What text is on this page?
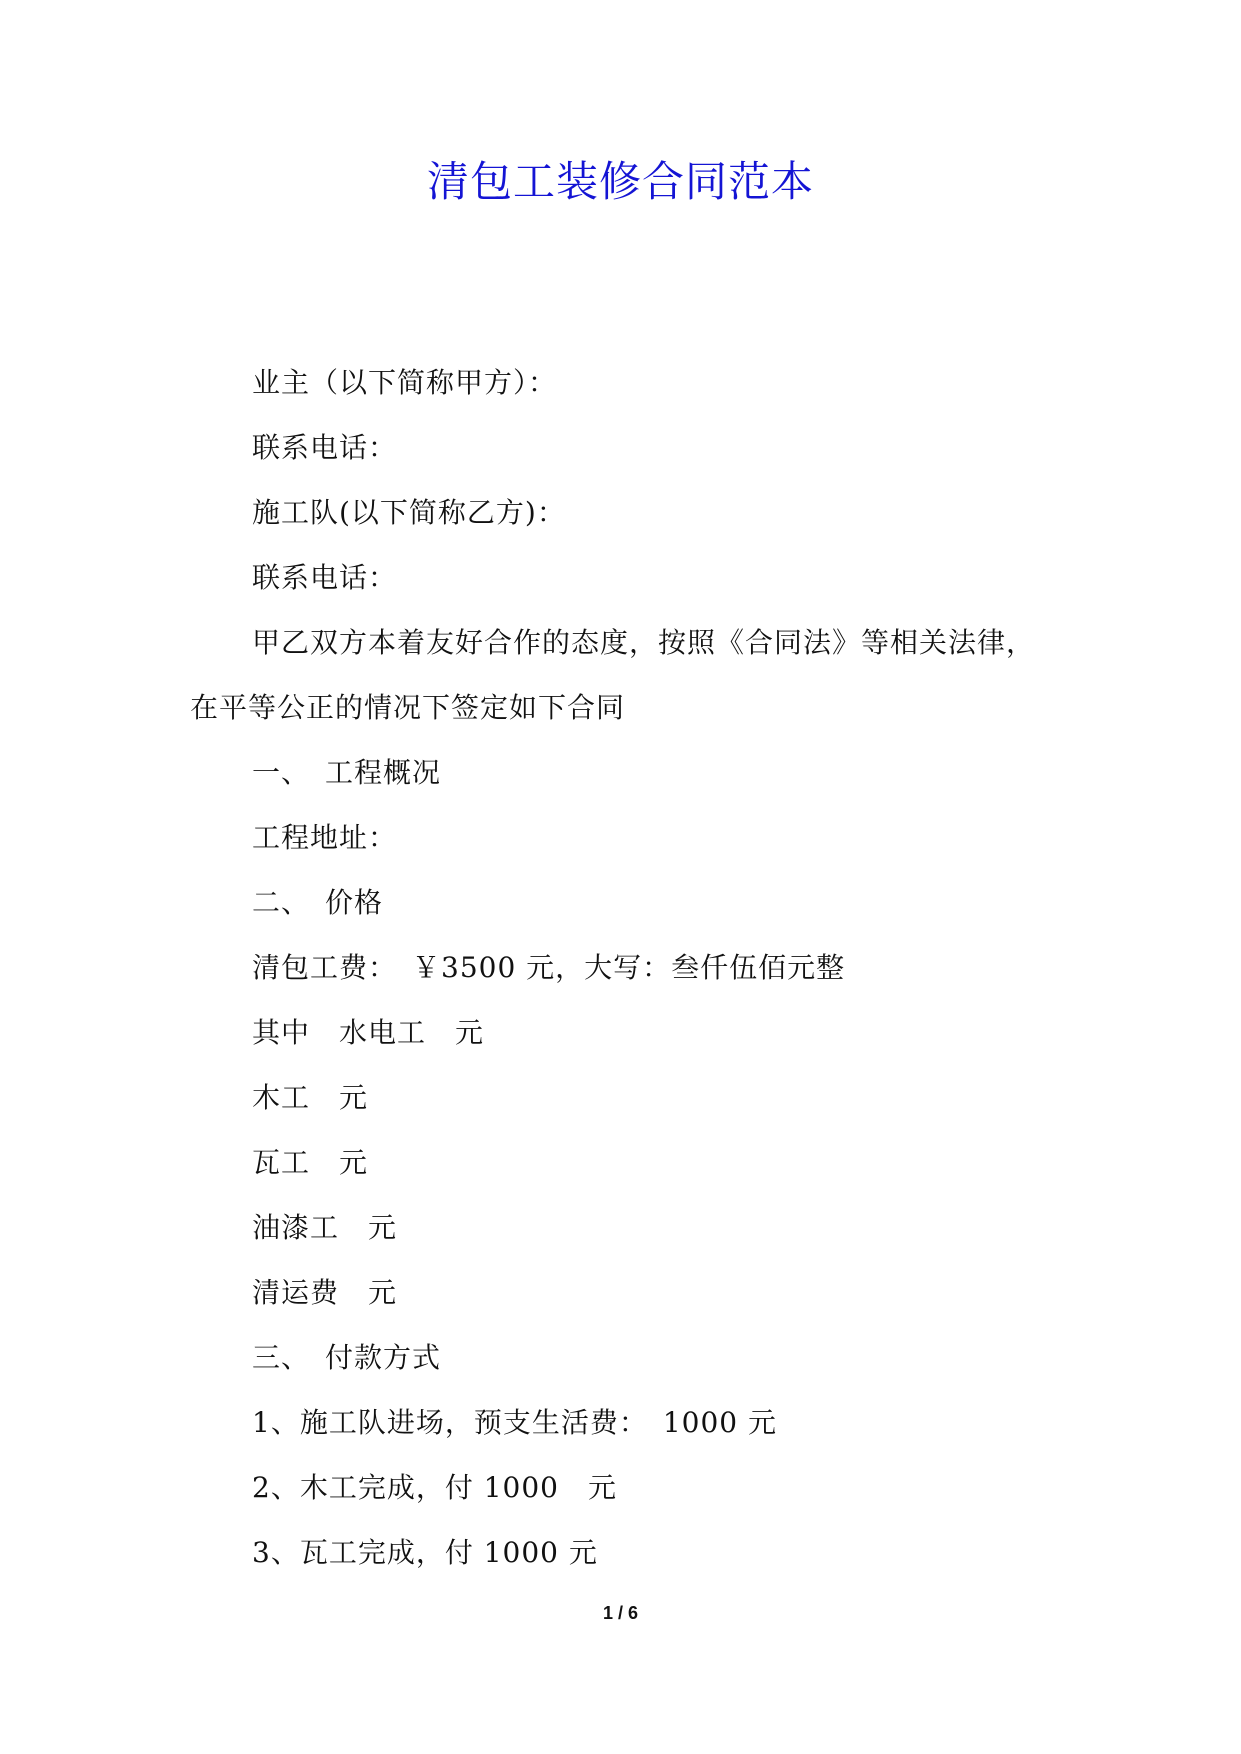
清包工装修合同范本
业主（以下简称甲方）：
联系电话：
施工队(以下简称乙方)：
联系电话：
甲乙双方本着友好合作的态度，按照《合同法》等相关法律，
在平等公正的情况下签定如下合同
一、　工程概况
工程地址：
二、　价格
清包工费：　￥3500 元，大写：叁仟伍佰元整
其中　水电工　元
木工　元
瓦工　元
油漆工　元
清运费　元
三、　付款方式
1、施工队进场，预支生活费：　1000 元
2、木工完成，付 1000　元
3、瓦工完成，付 1000 元
1 / 6
